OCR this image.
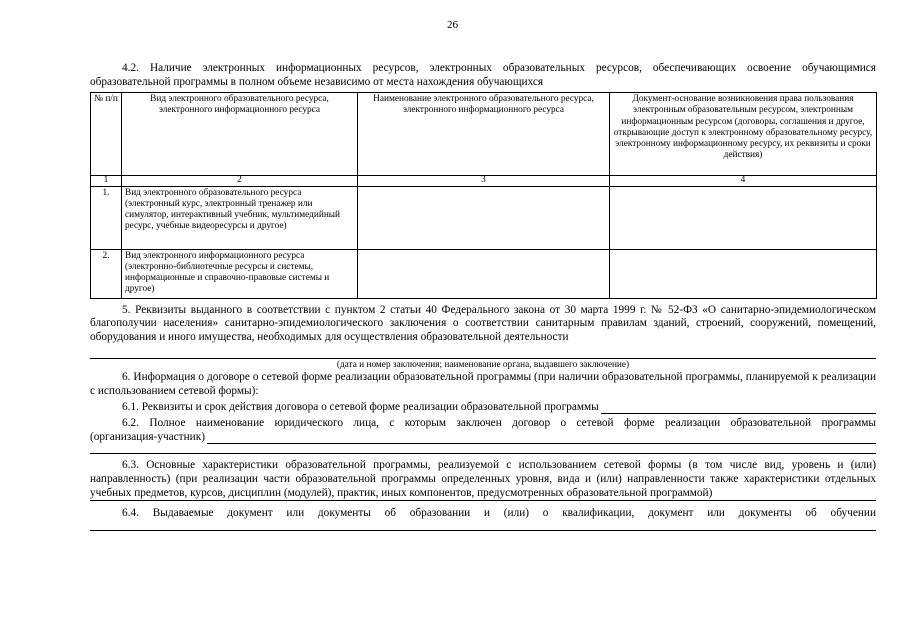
26

4.2. Наличие электронных информационных ресурсов, электронных образовательных ресурсов, обеспечивающих освоение обучающимися образовательной программы в полном объеме независимо от места нахождения обучающихся

№ п/п	Вид электронного образовательного ресурса, электронного информационного ресурса	Наименование электронного образовательного ресурса, электронного информационного ресурса	Документ-основание возникновения права пользования электронным образовательным ресурсом, электронным информационным ресурсом (договоры, соглашения и другое, открывающие доступ к электронному образовательному ресурсу, электронному информационному ресурсу, их реквизиты и сроки действия)
1	2	3	4
1.	Вид электронного образовательного ресурса (электронный курс, электронный тренажер или симулятор, интерактивный учебник, мультимедийный ресурс, учебные видеоресурсы и другое)		
2.	Вид электронного информационного ресурса (электронно-библиотечные ресурсы и системы, информационные и справочно-правовые системы и другое)		

5. Реквизиты выданного в соответствии с пунктом 2 статьи 40 Федерального закона от 30 марта 1999 г. № 52-ФЗ «О санитарно-эпидемиологическом благополучии населения» санитарно-эпидемиологического заключения о соответствии санитарным правилам зданий, строений, сооружений, помещений, оборудования и иного имущества, необходимых для осуществления образовательной деятельности

(дата и номер заключения; наименование органа, выдавшего заключение)

6. Информация о договоре о сетевой форме реализации образовательной программы (при наличии образовательной программы, планируемой к реализации с использованием сетевой формы):

6.1. Реквизиты и срок действия договора о сетевой форме реализации образовательной программы

6.2. Полное наименование юридического лица, с которым заключен договор о сетевой форме реализации образовательной программы

(организация-участник)

6.3. Основные характеристики образовательной программы, реализуемой с использованием сетевой формы (в том числе вид, уровень и (или) направленность) (при реализации части образовательной программы определенных уровня, вида и (или) направленности также характеристики отдельных учебных предметов, курсов, дисциплин (модулей), практик, иных компонентов, предусмотренных образовательной программой)

6.4. Выдаваемые документ или документы об образовании и (или) о квалификации, документ или документы об обучении
